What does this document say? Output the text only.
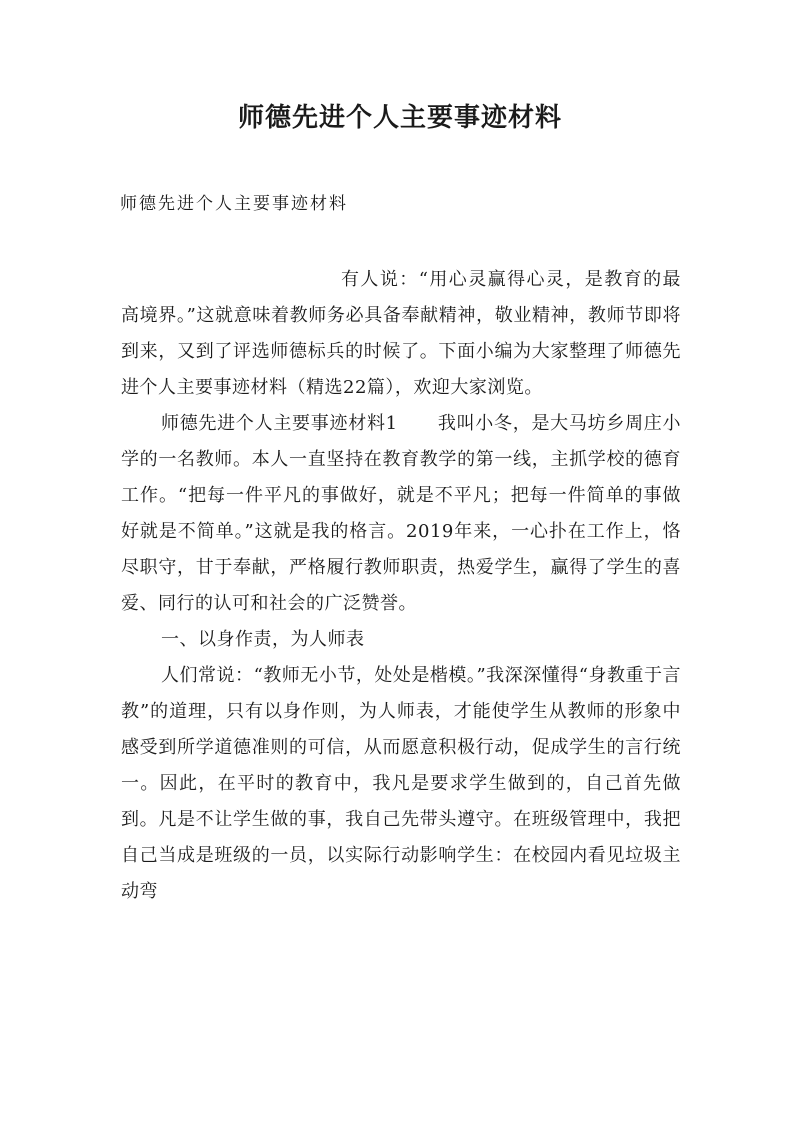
师德先进个人主要事迹材料

师德先进个人主要事迹材料

有人说：“用心灵赢得心灵，是教育的最高境界。”这就意味着教师务必具备奉献精神，敬业精神，教师节即将到来，又到了评选师德标兵的时候了。下面小编为大家整理了师德先进个人主要事迹材料（精选22篇），欢迎大家浏览。

师德先进个人主要事迹材料1 我叫小冬，是大马坊乡周庄小学的一名教师。本人一直坚持在教育教学的第一线，主抓学校的德育工作。“把每一件平凡的事做好，就是不平凡；把每一件简单的事做好就是不简单。”这就是我的格言。2019年来，一心扑在工作上，恪尽职守，甘于奉献，严格履行教师职责，热爱学生，赢得了学生的喜爱、同行的认可和社会的广泛赞誉。

一、以身作责，为人师表

人们常说：“教师无小节，处处是楷模。”我深深懂得“身教重于言教”的道理，只有以身作则，为人师表，才能使学生从教师的形象中感受到所学道德准则的可信，从而愿意积极行动，促成学生的言行统一。因此，在平时的教育中，我凡是要求学生做到的，自己首先做到。凡是不让学生做的事，我自己先带头遵守。在班级管理中，我把自己当成是班级的一员，以实际行动影响学生：在校园内看见垃圾主动弯
